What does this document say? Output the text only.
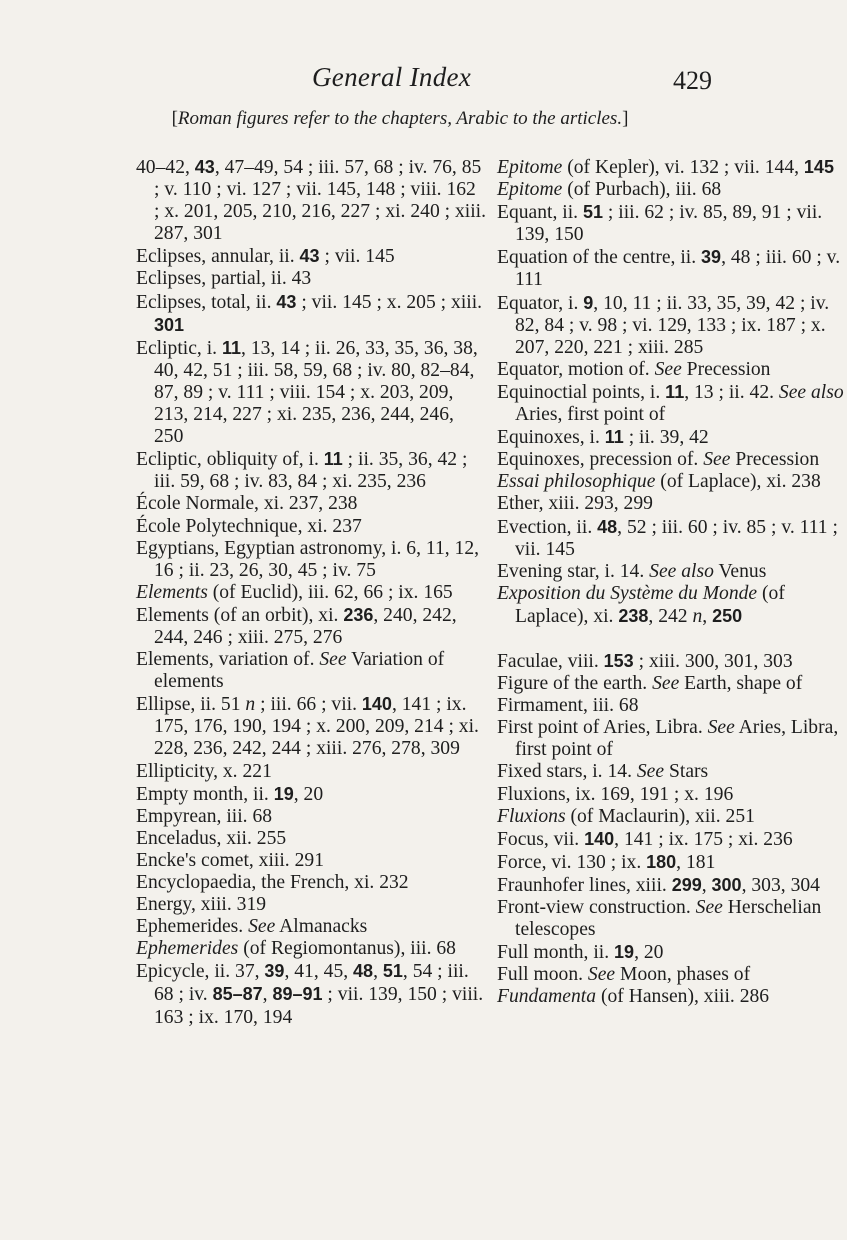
General Index	429
[Roman figures refer to the chapters, Arabic to the articles.]
40–42, 43, 47–49, 54 ; iii. 57, 68 ; iv. 76, 85 ; v. 110 ; vi. 127 ; vii. 145, 148 ; viii. 162 ; x. 201, 205, 210, 216, 227 ; xi. 240 ; xiii. 287, 301
Eclipses, annular, ii. 43 ; vii. 145
Eclipses, partial, ii. 43
Eclipses, total, ii. 43 ; vii. 145 ; x. 205 ; xiii. 301
Ecliptic, i. 11, 13, 14 ; ii. 26, 33, 35, 36, 38, 40, 42, 51 ; iii. 58, 59, 68 ; iv. 80, 82–84, 87, 89 ; v. 111 ; viii. 154 ; x. 203, 209, 213, 214, 227 ; xi. 235, 236, 244, 246, 250
Ecliptic, obliquity of, i. 11 ; ii. 35, 36, 42 ; iii. 59, 68 ; iv. 83, 84 ; xi. 235, 236
École Normale, xi. 237, 238
École Polytechnique, xi. 237
Egyptians, Egyptian astronomy, i. 6, 11, 12, 16 ; ii. 23, 26, 30, 45 ; iv. 75
Elements (of Euclid), iii. 62, 66 ; ix. 165
Elements (of an orbit), xi. 236, 240, 242, 244, 246 ; xiii. 275, 276
Elements, variation of. See Variation of elements
Ellipse, ii. 51 n ; iii. 66 ; vii. 140, 141 ; ix. 175, 176, 190, 194 ; x. 200, 209, 214 ; xi. 228, 236, 242, 244 ; xiii. 276, 278, 309
Ellipticity, x. 221
Empty month, ii. 19, 20
Empyrean, iii. 68
Enceladus, xii. 255
Encke's comet, xiii. 291
Encyclopaedia, the French, xi. 232
Energy, xiii. 319
Ephemerides. See Almanacks
Ephemerides (of Regiomontanus), iii. 68
Epicycle, ii. 37, 39, 41, 45, 48, 51, 54 ; iii. 68 ; iv. 85–87, 89–91 ; vii. 139, 150 ; viii. 163 ; ix. 170, 194
Epitome (of Kepler), vi. 132 ; vii. 144, 145
Epitome (of Purbach), iii. 68
Equant, ii. 51 ; iii. 62 ; iv. 85, 89, 91 ; vii. 139, 150
Equation of the centre, ii. 39, 48 ; iii. 60 ; v. 111
Equator, i. 9, 10, 11 ; ii. 33, 35, 39, 42 ; iv. 82, 84 ; v. 98 ; vi. 129, 133 ; ix. 187 ; x. 207, 220, 221 ; xiii. 285
Equator, motion of. See Precession
Equinoctial points, i. 11, 13 ; ii. 42. See also Aries, first point of
Equinoxes, i. 11 ; ii. 39, 42
Equinoxes, precession of. See Precession
Essai philosophique (of Laplace), xi. 238
Ether, xiii. 293, 299
Evection, ii. 48, 52 ; iii. 60 ; iv. 85 ; v. 111 ; vii. 145
Evening star, i. 14. See also Venus
Exposition du Système du Monde (of Laplace), xi. 238, 242 n, 250
Faculae, viii. 153 ; xiii. 300, 301, 303
Figure of the earth. See Earth, shape of
Firmament, iii. 68
First point of Aries, Libra. See Aries, Libra, first point of
Fixed stars, i. 14. See Stars
Fluxions, ix. 169, 191 ; x. 196
Fluxions (of Maclaurin), xii. 251
Focus, vii. 140, 141 ; ix. 175 ; xi. 236
Force, vi. 130 ; ix. 180, 181
Fraunhofer lines, xiii. 299, 300, 303, 304
Front-view construction. See Herschelian telescopes
Full month, ii. 19, 20
Full moon. See Moon, phases of
Fundamenta (of Hansen), xiii. 286
